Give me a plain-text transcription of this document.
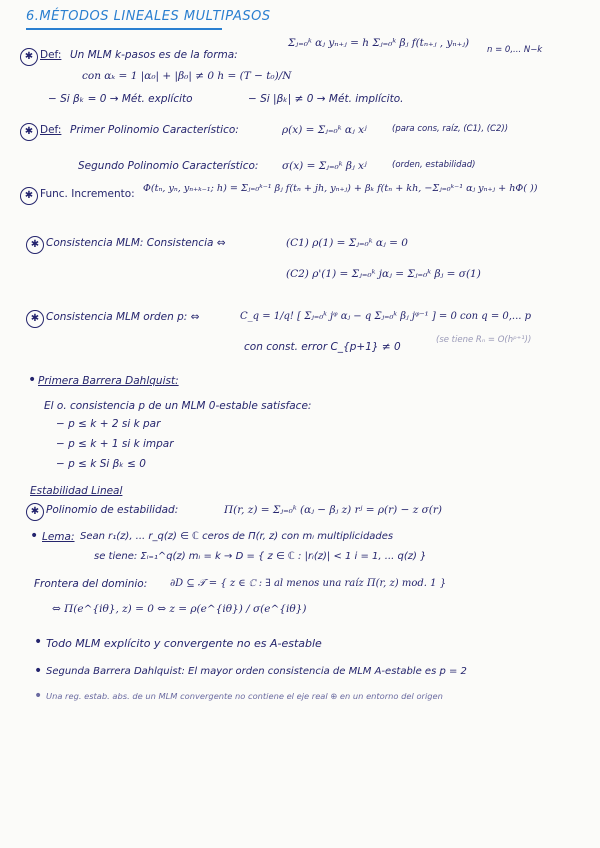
6.MÉTODOS LINEALES MULTIPASOS
✱ Def: Un MLM k-pasos es de la forma:
Σⱼ₌₀ᵏ αⱼ yₙ₊ⱼ = h Σⱼ₌₀ᵏ βⱼ f(tₙ₊ⱼ , yₙ₊ⱼ)
n = 0,... N−k
con αₖ = 1 |α₀| + |β₀| ≠ 0 h = (T − t₀)/N
− Si βₖ = 0 → Mét. explícito	− Si |βₖ| ≠ 0 → Mét. implícito.
✱ Def: Primer Polinomio Característico:	ρ(x) = Σⱼ₌₀ᵏ αⱼ xʲ	(para cons, raíz, (C1), (C2))
Segundo Polinomio Característico: σ(x) = Σⱼ₌₀ᵏ βⱼ xʲ	(orden, estabilidad)
✱ Func. Incremento: Φ(tₙ, yₙ, yₙ₊ₖ₋₁; h) = Σⱼ₌₀ᵏ⁻¹ βⱼ f(tₙ + jh, yₙ₊ⱼ) + βₖ f(tₙ + kh, −Σⱼ₌₀ᵏ⁻¹ αⱼ yₙ₊ⱼ + hΦ( ))
✱ Consistencia MLM: Consistencia ⇔	(C1) ρ(1) = Σⱼ₌₀ᵏ αⱼ = 0
(C2) ρ'(1) = Σⱼ₌₀ᵏ jαⱼ = Σⱼ₌₀ᵏ βⱼ = σ(1)
✱ Consistencia MLM orden p: ⇔	C_q = 1/q! [ Σⱼ₌₀ᵏ jᵠ αⱼ − q Σⱼ₌₀ᵏ βⱼ jᵠ⁻¹ ] = 0 con q = 0,... p
con const. error C_{p+1} ≠ 0
(se tiene Rₙ = O(hᵖ⁺¹))
• Primera Barrera Dahlquist:
El o. consistencia p de un MLM 0-estable satisface:
− p ≤ k + 2 si k par
− p ≤ k + 1 si k impar
− p ≤ k Si βₖ ≤ 0
Estabilidad Lineal
✱ Polinomio de estabilidad:	Π(r, z) = Σⱼ₌₀ᵏ (αⱼ − βⱼ z) rʲ = ρ(r) − z σ(r)
• Lema: Sean r₁(z), ... r_q(z) ∈ ℂ ceros de Π(r, z) con mᵢ multiplicidades
se tiene: Σᵢ₌₁^q(z) mᵢ = k → D = { z ∈ ℂ : |rᵢ(z)| < 1 i = 1, ... q(z) }
Frontera del dominio: ∂D ⊆ 𝒯 = { z ∈ ℂ : ∃ al menos una raíz Π(r, z) mod. 1 }
⇔ Π(e^{iθ}, z) = 0 ⇔ z = ρ(e^{iθ}) / σ(e^{iθ})
• Todo MLM explícito y convergente no es A-estable
• Segunda Barrera Dahlquist: El mayor orden consistencia de MLM A-estable es p = 2
• Una reg. estab. abs. de un MLM convergente no contiene el eje real ⊕ en un entorno del origen
